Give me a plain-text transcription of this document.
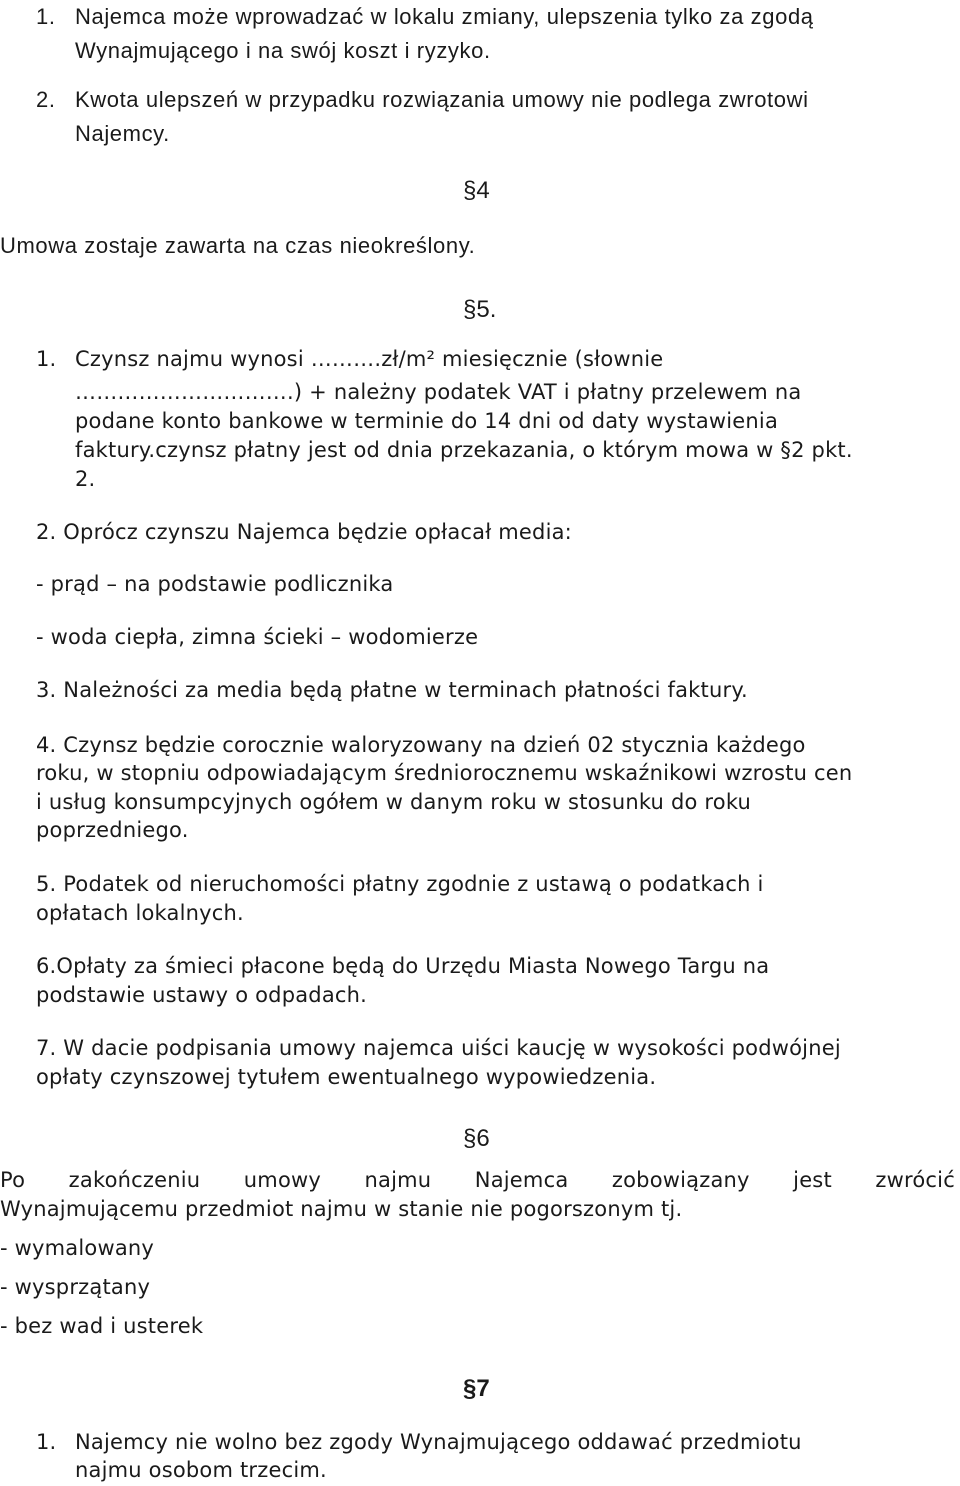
1. Najemca może wprowadzać w lokalu zmiany, ulepszenia tylko za zgodą
Wynajmującego i na swój koszt i ryzyko.
2. Kwota ulepszeń w przypadku rozwiązania umowy nie podlega zwrotowi
Najemcy.
§4
Umowa zostaje zawarta na czas nieokreślony.
§5.
1. Czynsz najmu wynosi ……….zł/m² miesięcznie (słownie
………………………….) + należny podatek VAT i płatny przelewem na
podane konto bankowe w terminie do 14 dni od daty wystawienia
faktury.czynsz płatny jest od dnia przekazania, o którym mowa w §2 pkt.
2.
2. Oprócz czynszu Najemca będzie opłacał media:
- prąd – na podstawie podlicznika
- woda ciepła, zimna ścieki – wodomierze
3. Należności za media będą płatne w terminach płatności faktury.
4. Czynsz będzie corocznie waloryzowany na dzień 02 stycznia każdego
roku, w stopniu odpowiadającym średniorocznemu wskaźnikowi wzrostu cen
i usług konsumpcyjnych ogółem w danym roku w stosunku do roku
poprzedniego.
5. Podatek od nieruchomości płatny zgodnie z ustawą o podatkach i
opłatach lokalnych.
6.Opłaty za śmieci płacone będą do Urzędu Miasta Nowego Targu na
podstawie ustawy o odpadach.
7. W dacie podpisania umowy najemca uiści kaucję w wysokości podwójnej
opłaty czynszowej tytułem ewentualnego wypowiedzenia.
§6
Po zakończeniu umowy najmu Najemca zobowiązany jest zwrócić
Wynajmującemu przedmiot najmu w stanie nie pogorszonym tj.
- wymalowany
- wysprzątany
- bez wad i usterek
§7
1. Najemcy nie wolno bez zgody Wynajmującego oddawać przedmiotu
najmu osobom trzecim.
